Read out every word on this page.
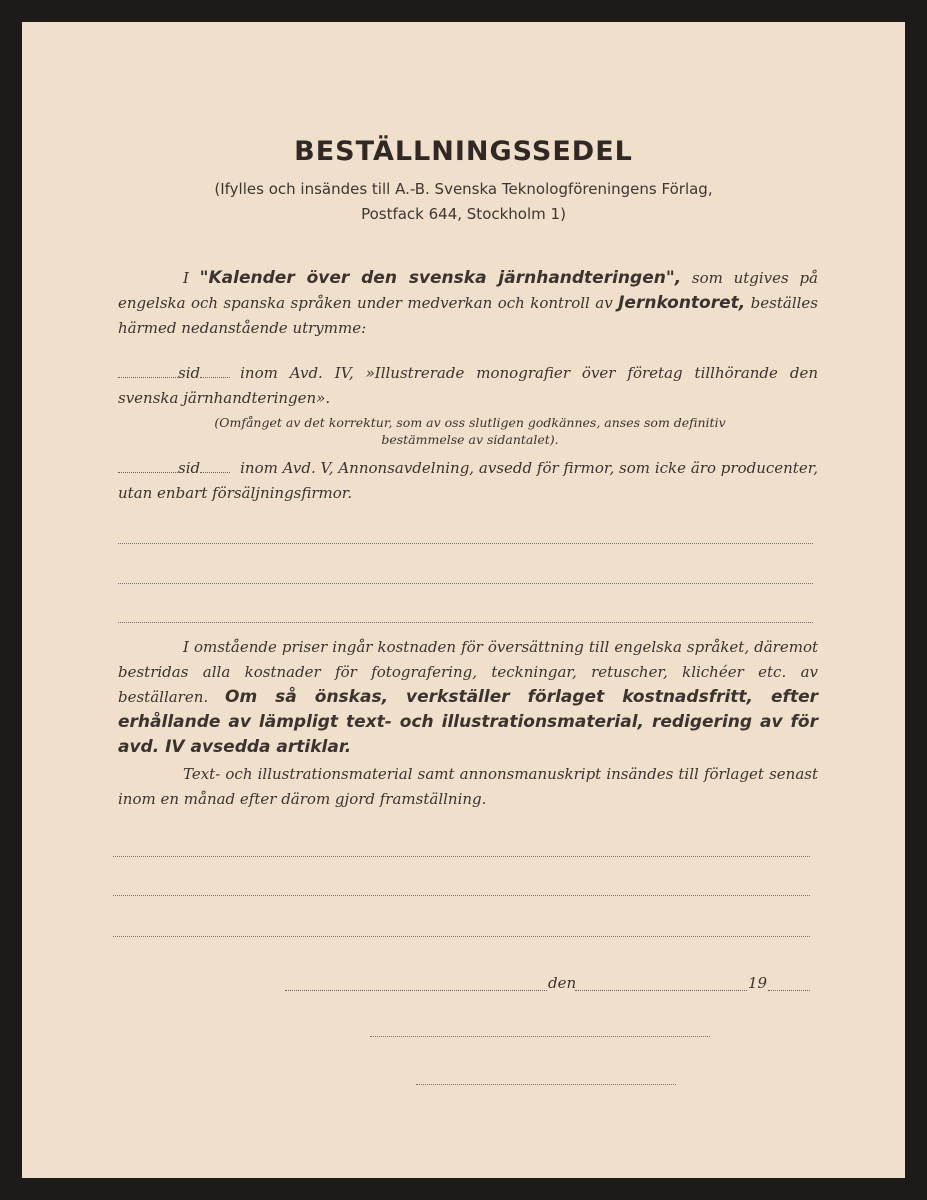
BESTÄLLNINGSSEDEL
(Ifylles och insändes till A.-B. Svenska Teknologföreningens Förlag,
Postfack 644, Stockholm 1)
I "Kalender över den svenska järnhandteringen", som utgives på engelska och spanska språken under medverkan och kontroll av Jernkontoret, beställes härmed nedanstående utrymme:
sid	inom Avd. IV, »Illustrerade monografier över företag tillhörande den svenska järnhandteringen».
(Omfånget av det korrektur, som av oss slutligen godkännes, anses som definitiv bestämmelse av sidantalet).
sid	inom Avd. V, Annonsavdelning, avsedd för firmor, som icke äro producenter, utan enbart försäljningsfirmor.
I omstående priser ingår kostnaden för översättning till engelska språket, däremot bestridas alla kostnader för fotografering, teckningar, retuscher, klichéer etc. av beställaren. Om så önskas, verkställer förlaget kostnadsfritt, efter erhållande av lämpligt text- och illustrationsmaterial, redigering av för avd. IV avsedda artiklar.
Text- och illustrationsmaterial samt annonsmanuskript insändes till förlaget senast inom en månad efter därom gjord framställning.
den	19
